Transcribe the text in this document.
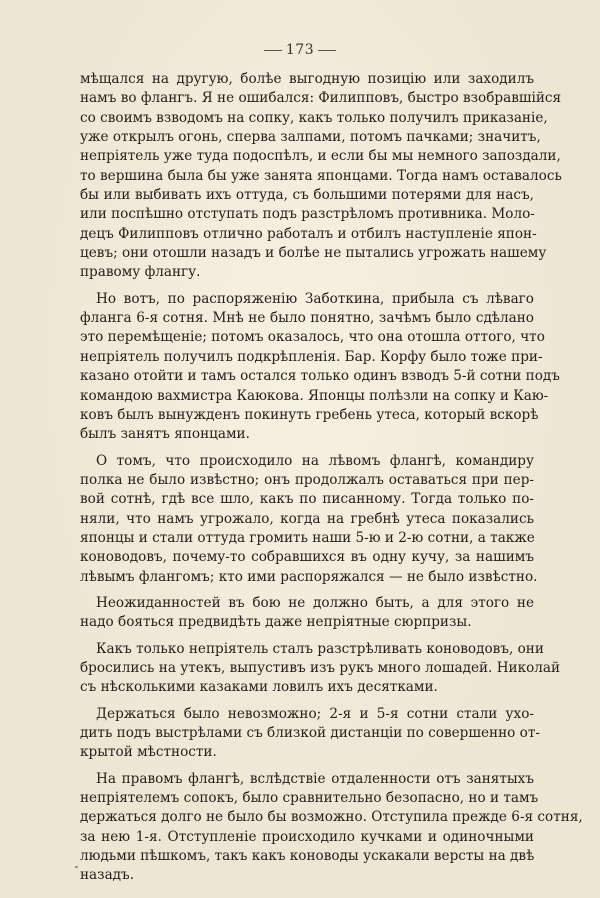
173
мѣщался на другую, болѣе выгодную позицію или заходилъ
намъ во флангъ. Я не ошибался: Филипповъ, быстро взобравшійся
со своимъ взводомъ на сопку, какъ только получилъ приказаніе,
уже открылъ огонь, сперва залпами, потомъ пачками; значитъ,
непріятель уже туда подоспѣлъ, и если бы мы немного запоздали,
то вершина была бы уже занята японцами. Тогда намъ оставалось
бы или выбивать ихъ оттуда, съ большими потерями для насъ,
или поспѣшно отступать подъ разстрѣломъ противника. Моло-
децъ Филипповъ отлично работалъ и отбилъ наступленіе япон-
цевъ; они отошли назадъ и болѣе не пытались угрожать нашему
правому флангу.
Но вотъ, по распоряженію Заботкина, прибыла съ лѣваго
фланга 6-я сотня. Мнѣ не было понятно, зачѣмъ было сдѣлано
это перемѣщеніе; потомъ оказалось, что она отошла оттого, что
непріятель получилъ подкрѣпленія. Бар. Корфу было тоже при-
казано отойти и тамъ остался только одинъ взводъ 5-й сотни подъ
командою вахмистра Каюкова. Японцы полѣзли на сопку и Каю-
ковъ былъ вынужденъ покинуть гребень утеса, который вскорѣ
былъ занятъ японцами.
О томъ, что происходило на лѣвомъ флангѣ, командиру
полка не было извѣстно; онъ продолжалъ оставаться при пер-
вой сотнѣ, гдѣ все шло, какъ по писанному. Тогда только по-
няли, что намъ угрожало, когда на гребнѣ утеса показались
японцы и стали оттуда громить наши 5-ю и 2-ю сотни, а также
коноводовъ, почему-то собравшихся въ одну кучу, за нашимъ
лѣвымъ флангомъ; кто ими распоряжался — не было извѣстно.
Неожиданностей въ бою не должно быть, а для этого не
надо бояться предвидѣть даже непріятные сюрпризы.
Какъ только непріятель сталъ разстрѣливать коноводовъ, они
бросились на утекъ, выпустивъ изъ рукъ много лошадей. Николай
съ нѣсколькими казаками ловилъ ихъ десятками.
Держаться было невозможно; 2-я и 5-я сотни стали ухо-
дить подъ выстрѣлами съ близкой дистанціи по совершенно от-
крытой мѣстности.
На правомъ флангѣ, вслѣдствіе отдаленности отъ занятыхъ
непріятелемъ сопокъ, было сравнительно безопасно, но и тамъ
держаться долго не было бы возможно. Отступила прежде 6-я сотня,
за нею 1-я. Отступленіе происходило кучками и одиночными
людьми пѣшкомъ, такъ какъ коноводы ускакали версты на двѣ
назадъ.
